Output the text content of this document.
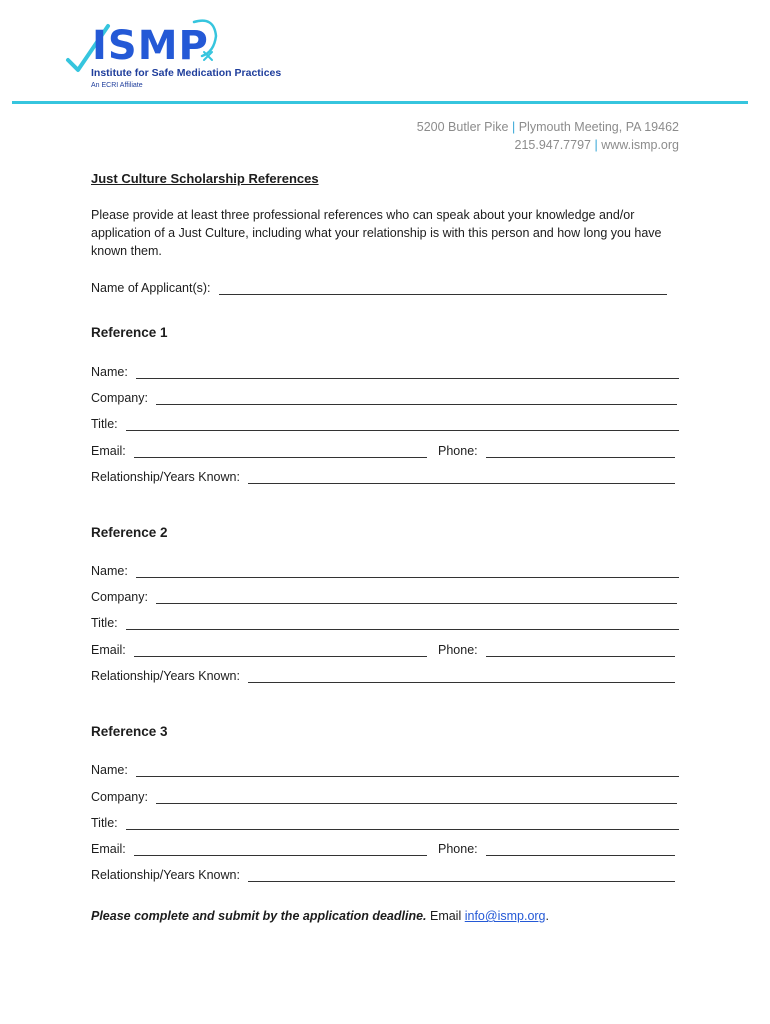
ISMP
Institute for Safe Medication Practices
An ECRI Affiliate
5200 Butler Pike | Plymouth Meeting, PA 19462
215.947.7797 | www.ismp.org
Just Culture Scholarship References
Please provide at least three professional references who can speak about your knowledge and/or application of a Just Culture, including what your relationship is with this person and how long you have known them.
Name of Applicant(s):
Reference 1
Name:
Company:
Title:
Email:	Phone:
Relationship/Years Known:
Reference 2
Name:
Company:
Title:
Email:	Phone:
Relationship/Years Known:
Reference 3
Name:
Company:
Title:
Email:	Phone:
Relationship/Years Known:
Please complete and submit by the application deadline. Email info@ismp.org.
